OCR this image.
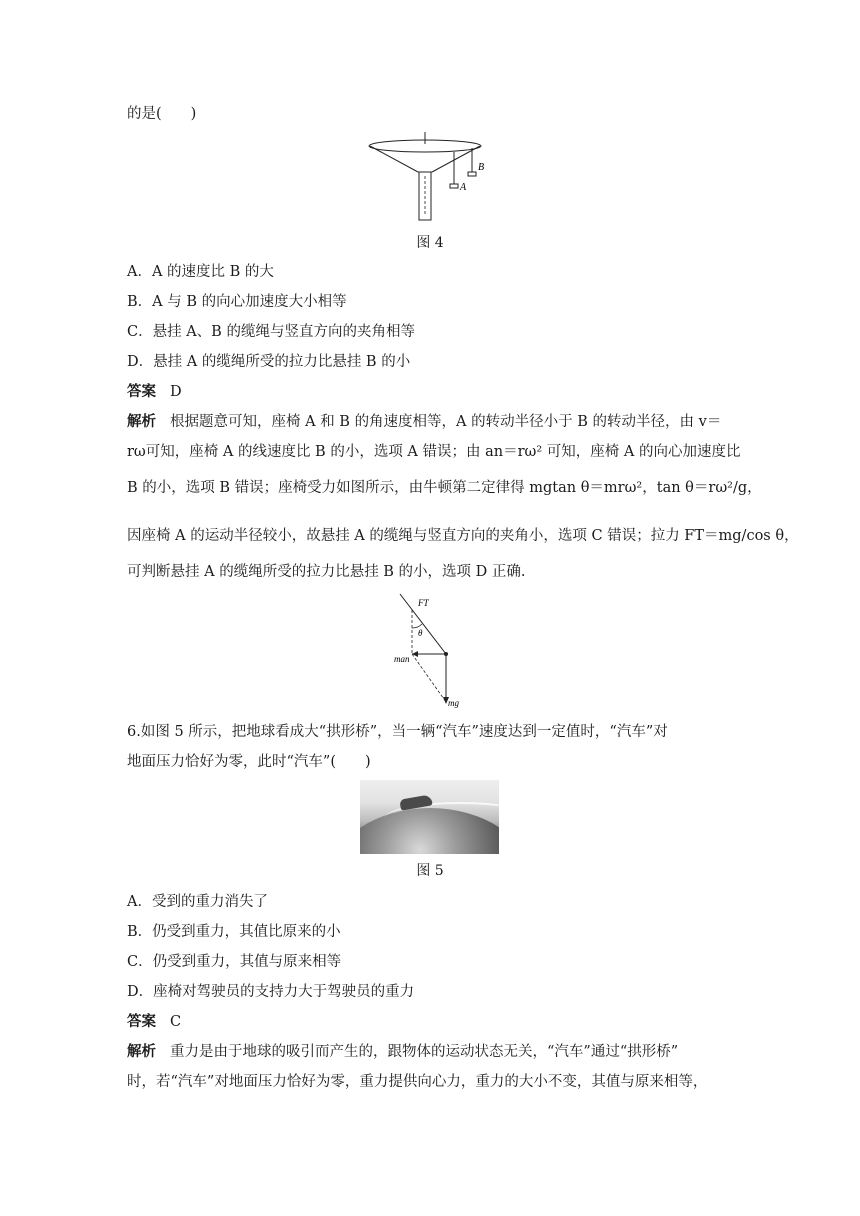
的是(　　)
A
B
图 4
A．A 的速度比 B 的大
B．A 与 B 的向心加速度大小相等
C．悬挂 A、B 的缆绳与竖直方向的夹角相等
D．悬挂 A 的缆绳所受的拉力比悬挂 B 的小
答案 D
解析 根据题意可知，座椅 A 和 B 的角速度相等，A 的转动半径小于 B 的转动半径，由 v＝
rω可知，座椅 A 的线速度比 B 的小，选项 A 错误；由 an＝rω² 可知，座椅 A 的向心加速度比
B 的小，选项 B 错误；座椅受力如图所示，由牛顿第二定律得 mgtan θ＝mrω²，tan θ＝rω²/g，
因座椅 A 的运动半径较小，故悬挂 A 的缆绳与竖直方向的夹角小，选项 C 错误；拉力 FT＝mg/cos θ，
可判断悬挂 A 的缆绳所受的拉力比悬挂 B 的小，选项 D 正确.
FT
θ
man
mg
6.如图 5 所示，把地球看成大“拱形桥”，当一辆“汽车”速度达到一定值时，“汽车”对
地面压力恰好为零，此时“汽车”(　　)
图 5
A．受到的重力消失了
B．仍受到重力，其值比原来的小
C．仍受到重力，其值与原来相等
D．座椅对驾驶员的支持力大于驾驶员的重力
答案 C
解析 重力是由于地球的吸引而产生的，跟物体的运动状态无关，“汽车”通过“拱形桥”
时，若“汽车”对地面压力恰好为零，重力提供向心力，重力的大小不变，其值与原来相等，
